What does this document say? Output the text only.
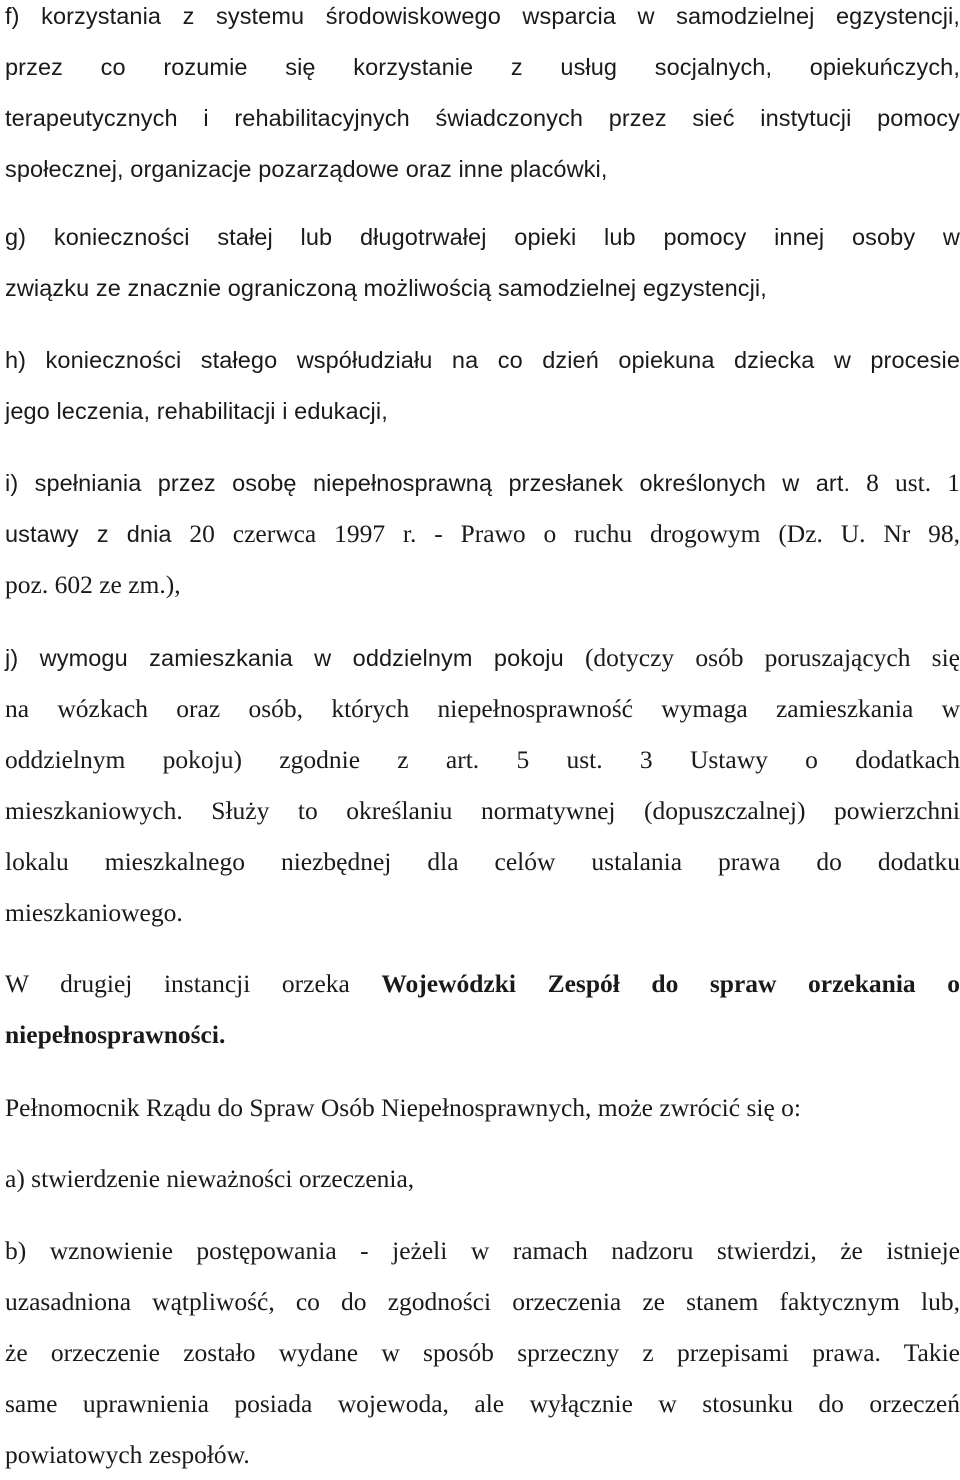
f) korzystania z systemu środowiskowego wsparcia w samodzielnej egzystencji,
przez co rozumie się korzystanie z usług socjalnych, opiekuńczych,
terapeutycznych i rehabilitacyjnych świadczonych przez sieć instytucji pomocy
społecznej, organizacje pozarządowe oraz inne placówki,

g) konieczności stałej lub długotrwałej opieki lub pomocy innej osoby w
związku ze znacznie ograniczoną możliwością samodzielnej egzystencji,

h) konieczności stałego współudziału na co dzień opiekuna dziecka w procesie
jego leczenia, rehabilitacji i edukacji,

i) spełniania przez osobę niepełnosprawną przesłanek określonych w art. 8 ust. 1
ustawy z dnia 20 czerwca 1997 r. - Prawo o ruchu drogowym (Dz. U. Nr 98,
poz. 602 ze zm.),

j) wymogu zamieszkania w oddzielnym pokoju (dotyczy osób poruszających się
na wózkach oraz osób, których niepełnosprawność wymaga zamieszkania w
oddzielnym pokoju) zgodnie z art. 5 ust. 3 Ustawy o dodatkach
mieszkaniowych. Służy to określaniu normatywnej (dopuszczalnej) powierzchni
lokalu mieszkalnego niezbędnej dla celów ustalania prawa do dodatku
mieszkaniowego.

W drugiej instancji orzeka Wojewódzki Zespół do spraw orzekania o
niepełnosprawności.

Pełnomocnik Rządu do Spraw Osób Niepełnosprawnych, może zwrócić się o:

a) stwierdzenie nieważności orzeczenia,

b) wznowienie postępowania - jeżeli w ramach nadzoru stwierdzi, że istnieje
uzasadniona wątpliwość, co do zgodności orzeczenia ze stanem faktycznym lub,
że orzeczenie zostało wydane w sposób sprzeczny z przepisami prawa. Takie
same uprawnienia posiada wojewoda, ale wyłącznie w stosunku do orzeczeń
powiatowych zespołów.
